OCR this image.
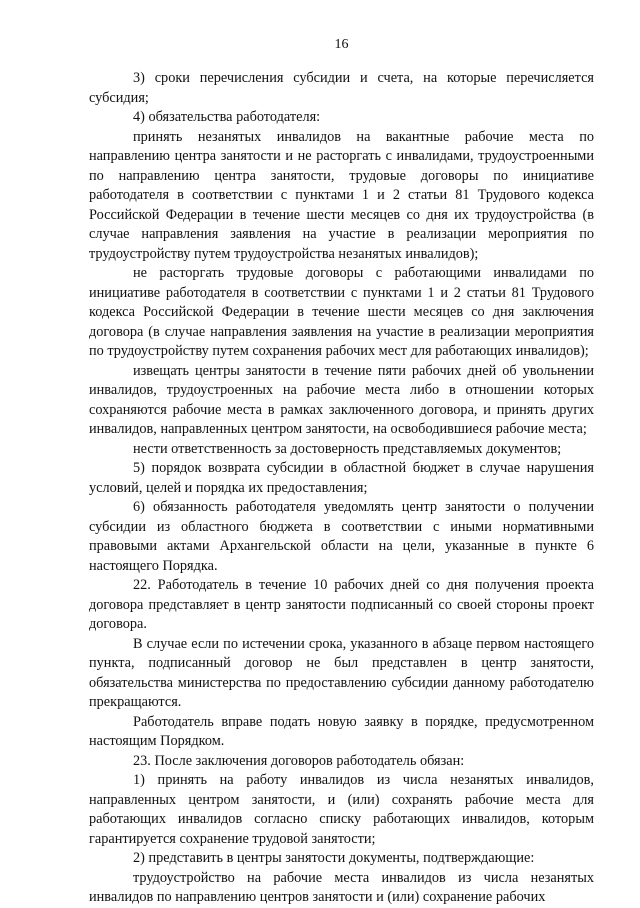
16

3) сроки перечисления субсидии и счета, на которые перечисляется субсидия;

4) обязательства работодателя:

принять незанятых инвалидов на вакантные рабочие места по направлению центра занятости и не расторгать с инвалидами, трудоустроенными по направлению центра занятости, трудовые договоры по инициативе работодателя в соответствии с пунктами 1 и 2 статьи 81 Трудового кодекса Российской Федерации в течение шести месяцев со дня их трудоустройства (в случае направления заявления на участие в реализации мероприятия по трудоустройству путем трудоустройства незанятых инвалидов);

не расторгать трудовые договоры с работающими инвалидами по инициативе работодателя в соответствии с пунктами 1 и 2 статьи 81 Трудового кодекса Российской Федерации в течение шести месяцев со дня заключения договора (в случае направления заявления на участие в реализации мероприятия по трудоустройству путем сохранения рабочих мест для работающих инвалидов);

извещать центры занятости в течение пяти рабочих дней об увольнении инвалидов, трудоустроенных на рабочие места либо в отношении которых сохраняются рабочие места в рамках заключенного договора, и принять других инвалидов, направленных центром занятости, на освободившиеся рабочие места;

нести ответственность за достоверность представляемых документов;

5) порядок возврата субсидии в областной бюджет в случае нарушения условий, целей и порядка их предоставления;

6) обязанность работодателя уведомлять центр занятости о получении субсидии из областного бюджета в соответствии с иными нормативными правовыми актами Архангельской области на цели, указанные в пункте 6 настоящего Порядка.

22. Работодатель в течение 10 рабочих дней со дня получения проекта договора представляет в центр занятости подписанный со своей стороны проект договора.

В случае если по истечении срока, указанного в абзаце первом настоящего пункта, подписанный договор не был представлен в центр занятости, обязательства министерства по предоставлению субсидии данному работодателю прекращаются.

Работодатель вправе подать новую заявку в порядке, предусмотренном настоящим Порядком.

23. После заключения договоров работодатель обязан:

1) принять на работу инвалидов из числа незанятых инвалидов, направленных центром занятости, и (или) сохранять рабочие места для работающих инвалидов согласно списку работающих инвалидов, которым гарантируется сохранение трудовой занятости;

2) представить в центры занятости документы, подтверждающие:

трудоустройство на рабочие места инвалидов из числа незанятых инвалидов по направлению центров занятости и (или) сохранение рабочих
